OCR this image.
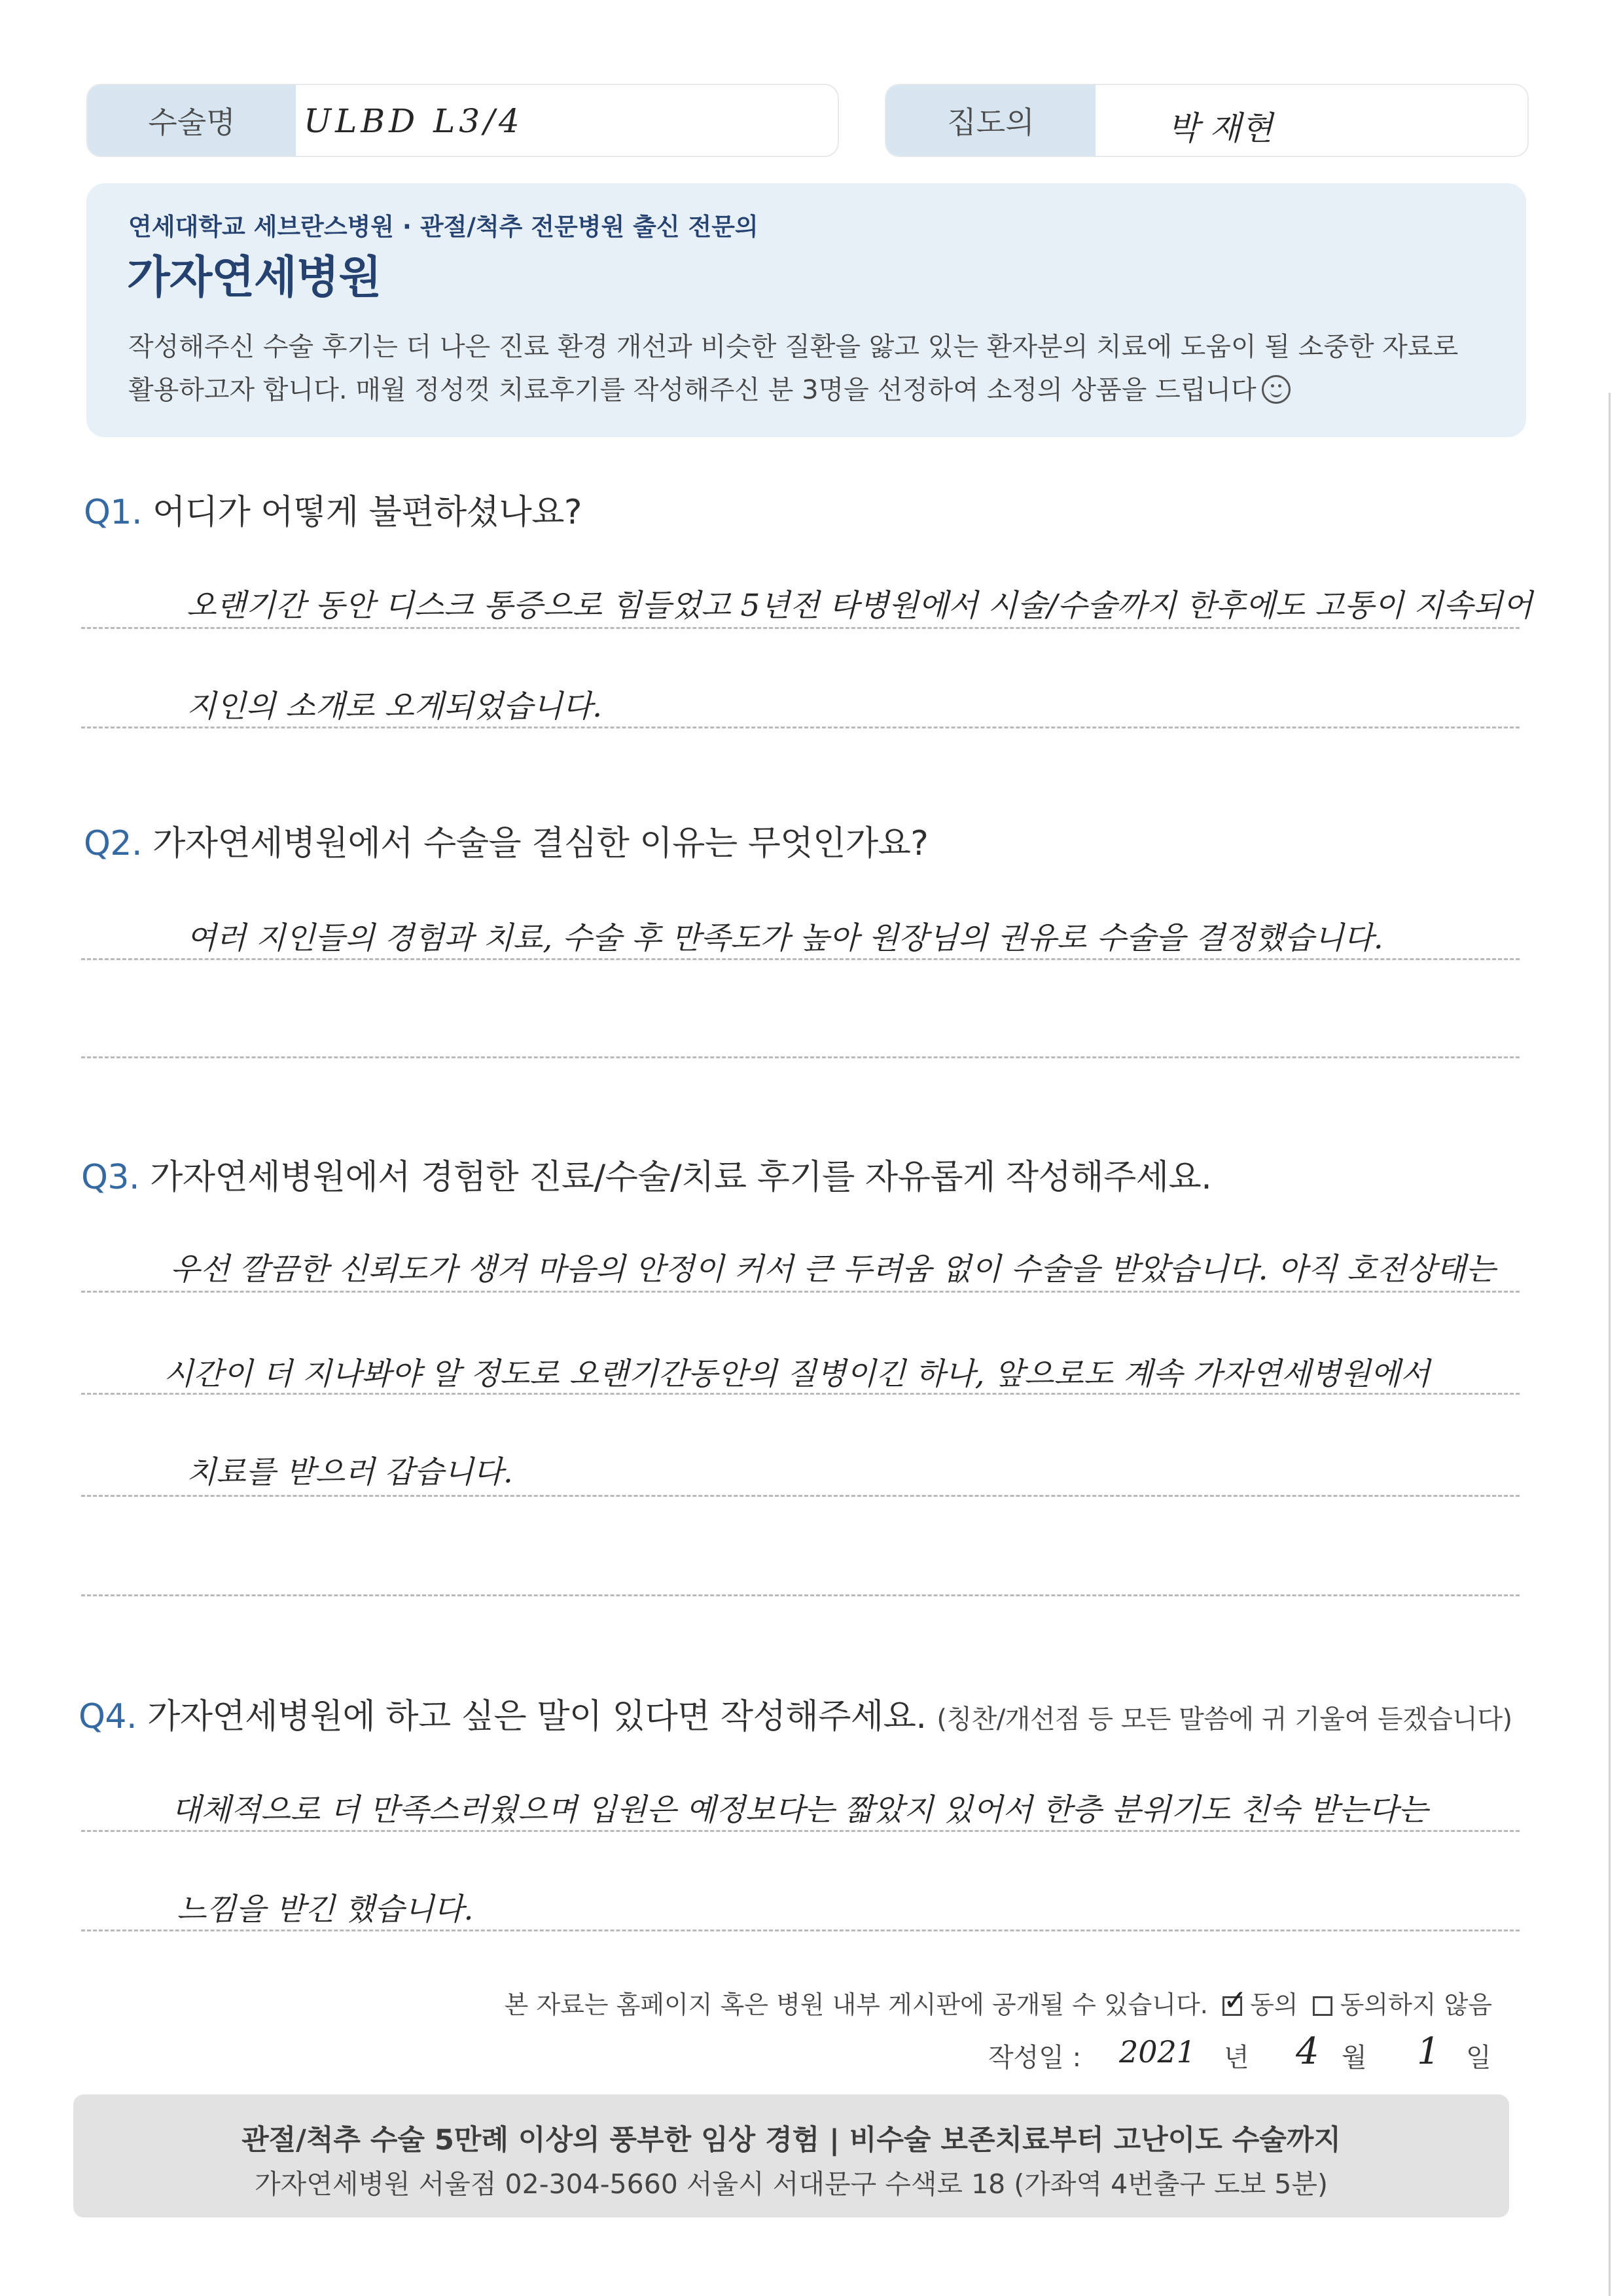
수술명	ULBD L3/4	집도의	박 재현
연세대학교 세브란스병원 · 관절/척추 전문병원 출신 전문의
가자연세병원
작성해주신 수술 후기는 더 나은 진료 환경 개선과 비슷한 질환을 앓고 있는 환자분의 치료에 도움이 될 소중한 자료로
활용하고자 합니다. 매월 정성껏 치료후기를 작성해주신 분 3명을 선정하여 소정의 상품을 드립니다
Q1. 어디가 어떻게 불편하셨나요?
오랜기간 동안 디스크 통증으로 힘들었고 5년전 타병원에서 시술/수술까지 한후에도 고통이 지속되어
지인의 소개로 오게되었습니다.
Q2. 가자연세병원에서 수술을 결심한 이유는 무엇인가요?
여러 지인들의 경험과 치료, 수술 후 만족도가 높아 원장님의 권유로 수술을 결정했습니다.
Q3. 가자연세병원에서 경험한 진료/수술/치료 후기를 자유롭게 작성해주세요.
우선 깔끔한 신뢰도가 생겨 마음의 안정이 커서 큰 두려움 없이 수술을 받았습니다. 아직 호전상태는
시간이 더 지나봐야 알 정도로 오랜기간동안의 질병이긴 하나, 앞으로도 계속 가자연세병원에서
치료를 받으러 갑습니다.
Q4. 가자연세병원에 하고 싶은 말이 있다면 작성해주세요. (칭찬/개선점 등 모든 말씀에 귀 기울여 듣겠습니다)
대체적으로 더 만족스러웠으며 입원은 예정보다는 짧았지 있어서 한층 분위기도 친숙 받는다는
느낌을 받긴 했습니다.
본 자료는 홈페이지 혹은 병원 내부 게시판에 공개될 수 있습니다. ✓ 동의 동의하지 않음
작성일 : 2021 년 4 월 1 일
관절/척추 수술 5만례 이상의 풍부한 임상 경험 | 비수술 보존치료부터 고난이도 수술까지
가자연세병원 서울점 02-304-5660 서울시 서대문구 수색로 18 (가좌역 4번출구 도보 5분)
